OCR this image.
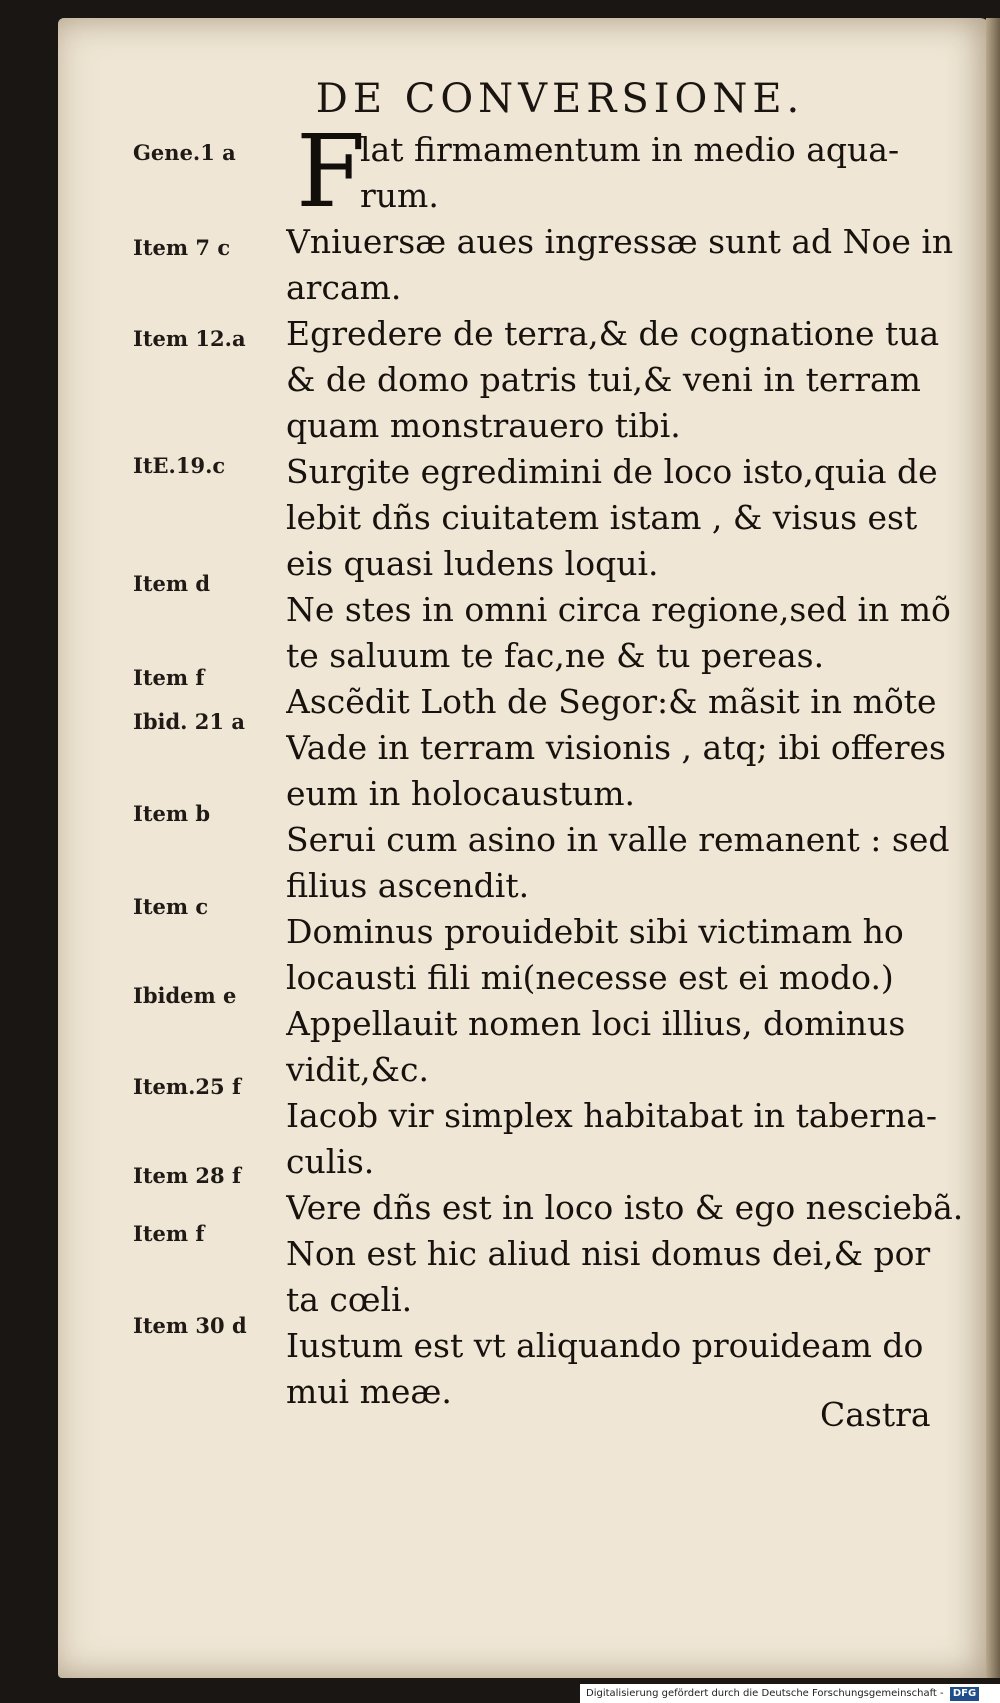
DE CONVERSIONE.
F
Gene.1 a
Item 7 c
Item 12.a
ItE.19.c
Item d
Item f
Ibid. 21 a
Item b
Item c
Ibidem e
Item.25 f
Item 28 f
Item f
Item 30 d
lat firmamentum in medio aqua-
rum.
Vniuersæ aues ingressæ sunt ad Noe in
arcam.
Egredere de terra,& de cognatione tua
& de domo patris tui,& veni in terram
quam monstrauero tibi.
Surgite egredimini de loco isto,quia de
lebit dñs ciuitatem istam , & visus est
eis quasi ludens loqui.
Ne stes in omni circa regione,sed in mõ
te saluum te fac,ne & tu pereas.
Ascẽdit Loth de Segor:& mãsit in mõte
Vade in terram visionis , atq; ibi offeres
eum in holocaustum.
Serui cum asino in valle remanent : sed
filius ascendit.
Dominus prouidebit sibi victimam ho
locausti fili mi(necesse est ei modo.)
Appellauit nomen loci illius, dominus
vidit,&c.
Iacob vir simplex habitabat in taberna-
culis.
Vere dñs est in loco isto & ego nesciebã.
Non est hic aliud nisi domus dei,& por
ta cœli.
Iustum est vt aliquando prouideam do
mui meæ.
Castra
Digitalisierung gefördert durch die Deutsche Forschungsgemeinschaft - DFG
